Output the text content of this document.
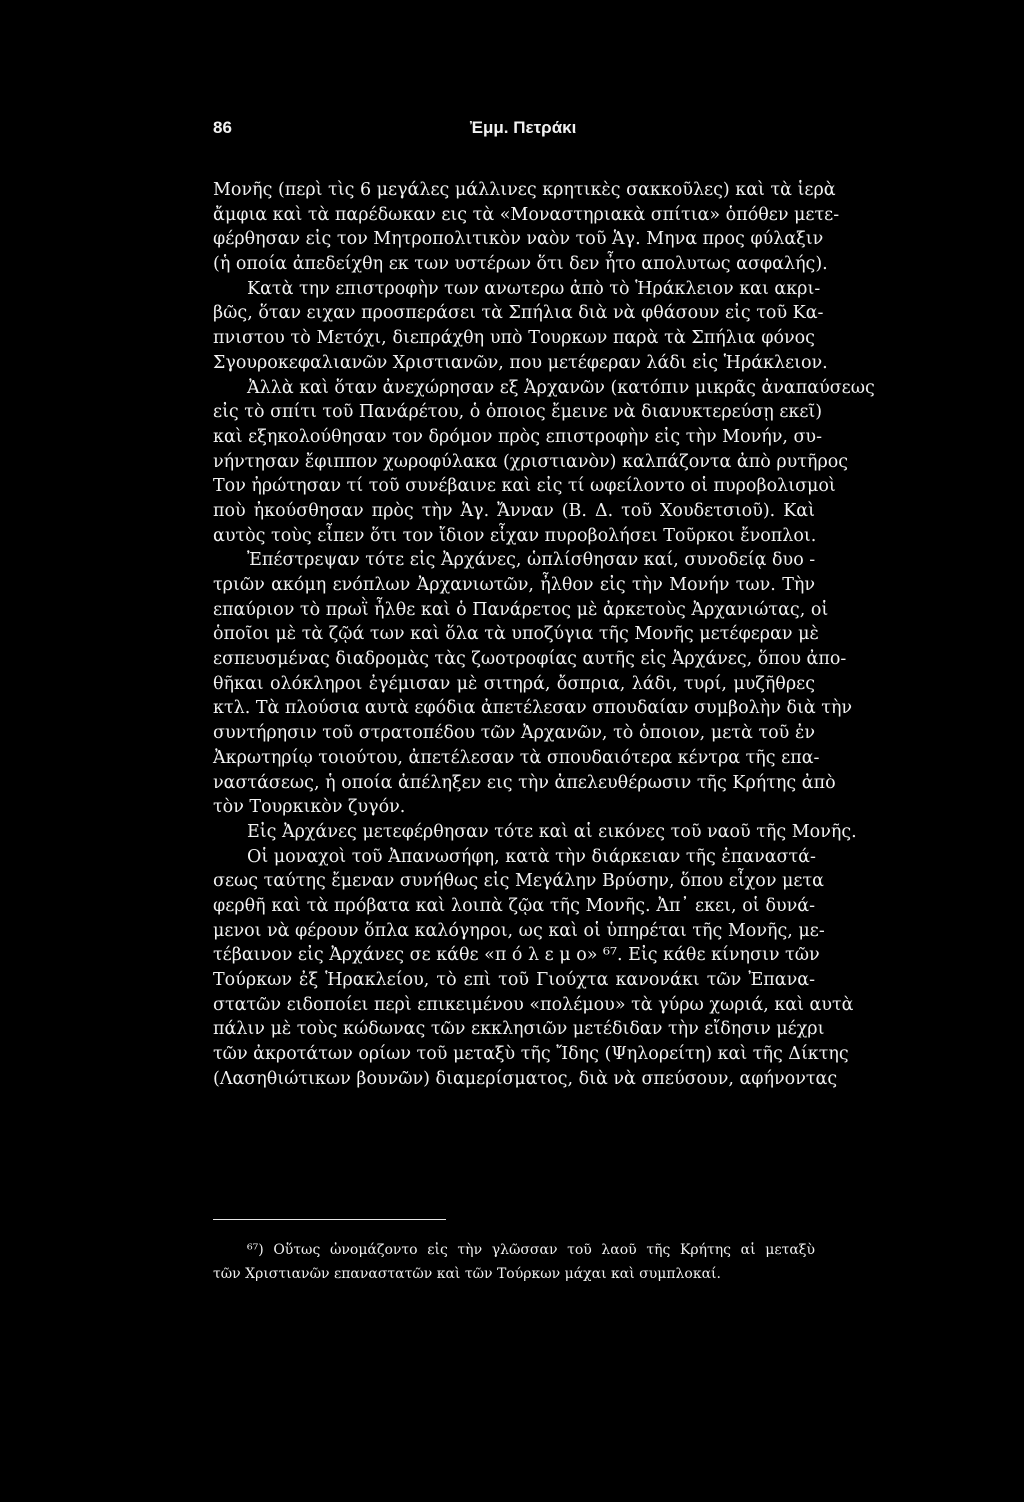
86	Ἐμμ. Πετράκι
Μονῆς (περὶ τὶς 6 μεγάλες μάλλινες κρητικὲς σακκοῦλες) καὶ τὰ ἱερὰ
ἄμφια καὶ τὰ παρέδωκαν εις τὰ «Μοναστηριακὰ σπίτια» ὁπόθεν μετε-
φέρθησαν εἰς τον Μητροπολιτικὸν ναὸν τοῦ Ἁγ. Μηνα προς φύλαξιν
(ἡ οποία ἀπεδείχθη εκ των υστέρων ὅτι δεν ἦτο απολυτως ασφαλής).
Κατὰ την επιστροφὴν των ανωτερω ἀπὸ τὸ Ἡράκλειον και ακρι-
βῶς, ὅταν ειχαν προσπεράσει τὰ Σπήλια διὰ νὰ φθάσουν εἰς τοῦ Κα-
πνιστου τὸ Μετόχι, διεπράχθη υπὸ Τουρκων παρὰ τὰ Σπήλια φόνος
Σγουροκεφαλιανῶν Χριστιανῶν, που μετέφεραν λάδι εἰς Ἡράκλειον.
Ἀλλὰ καὶ ὅταν ἀνεχώρησαν εξ Ἀρχανῶν (κατόπιν μικρᾶς ἀναπαύσεως
εἰς τὸ σπίτι τοῦ Πανάρέτου, ὁ ὁποιος ἔμεινε νὰ διανυκτερεύσῃ εκεῖ)
καὶ εξηκολούθησαν τον δρόμον πρὸς επιστροφὴν εἰς τὴν Μονήν, συ-
νήντησαν ἔφιππον χωροφύλακα (χριστιανὸν) καλπάζοντα ἀπὸ ρυτῆρος
Τον ἠρώτησαν τί τοῦ συνέβαινε καὶ εἰς τί ωφείλοντο οἱ πυροβολισμοὶ
ποὺ ἠκούσθησαν πρὸς τὴν Ἁγ. Ἄνναν (Β. Δ. τοῦ Χουδετσιοῦ). Καὶ
αυτὸς τοὺς εἶπεν ὅτι τον ἴδιον εἶχαν πυροβολήσει Τοῦρκοι ἔνοπλοι.
Ἐπέστρεψαν τότε εἰς Ἀρχάνες, ὡπλίσθησαν καί, συνοδείᾳ δυο -
τριῶν ακόμη ενόπλων Ἀρχανιωτῶν, ἦλθον εἰς τὴν Μονήν των. Τὴν
επαύριον τὸ πρωῒ ἦλθε καὶ ὁ Πανάρετος μὲ ἀρκετοὺς Ἀρχανιώτας, οἱ
ὁποῖοι μὲ τὰ ζῷά των καὶ ὅλα τὰ υποζύγια τῆς Μονῆς μετέφεραν μὲ
εσπευσμένας διαδρομὰς τὰς ζωοτροφίας αυτῆς εἰς Ἀρχάνες, ὅπου ἀπο-
θῆκαι ολόκληροι ἐγέμισαν μὲ σιτηρά, ὄσπρια, λάδι, τυρί, μυζῆθρες
κτλ. Τὰ πλούσια αυτὰ εφόδια ἀπετέλεσαν σπουδαίαν συμβολὴν διὰ τὴν
συντήρησιν τοῦ στρατοπέδου τῶν Ἀρχανῶν, τὸ ὁποιον, μετὰ τοῦ ἐν
Ἀκρωτηρίῳ τοιούτου, ἀπετέλεσαν τὰ σπουδαιότερα κέντρα τῆς επα-
ναστάσεως, ἡ οποία ἀπέληξεν εις τὴν ἀπελευθέρωσιν τῆς Κρήτης ἀπὸ
τὸν Τουρκικὸν ζυγόν.
Εἰς Ἀρχάνες μετεφέρθησαν τότε καὶ αἱ εικόνες τοῦ ναοῦ τῆς Μονῆς.
Οἱ μοναχοὶ τοῦ Ἀπανωσήφη, κατὰ τὴν διάρκειαν τῆς ἐπαναστά-
σεως ταύτης ἔμεναν συνήθως εἰς Μεγάλην Βρύσην, ὅπου εἶχον μετα
φερθῆ καὶ τὰ πρόβατα καὶ λοιπὰ ζῷα τῆς Μονῆς. Ἀπ᾽ εκει, οἱ δυνά-
μενοι νὰ φέρουν ὅπλα καλόγηροι, ως καὶ οἱ ὑπηρέται τῆς Μονῆς, με-
τέβαινον εἰς Ἀρχάνες σε κάθε «π ό λ ε μ ο» ⁶⁷. Εἰς κάθε κίνησιν τῶν
Τούρκων ἐξ Ἡρακλείου, τὸ επὶ τοῦ Γιούχτα κανονάκι τῶν Ἐπανα-
στατῶν ειδοποίει περὶ επικειμένου «πολέμου» τὰ γύρω χωριά, καὶ αυτὰ
πάλιν μὲ τοὺς κώδωνας τῶν εκκλησιῶν μετέδιδαν τὴν εἴδησιν μέχρι
τῶν ἀκροτάτων ορίων τοῦ μεταξὺ τῆς Ἴδης (Ψηλορείτη) καὶ τῆς Δίκτης
(Λασηθιώτικων βουνῶν) διαμερίσματος, διὰ νὰ σπεύσουν, αφήνοντας
⁶⁷) Οὕτως ὠνομάζοντο εἰς τὴν γλῶσσαν τοῦ λαοῦ τῆς Κρήτης αἱ μεταξὺ
τῶν Χριστιανῶν επαναστατῶν καὶ τῶν Τούρκων μάχαι καὶ συμπλοκαί.
